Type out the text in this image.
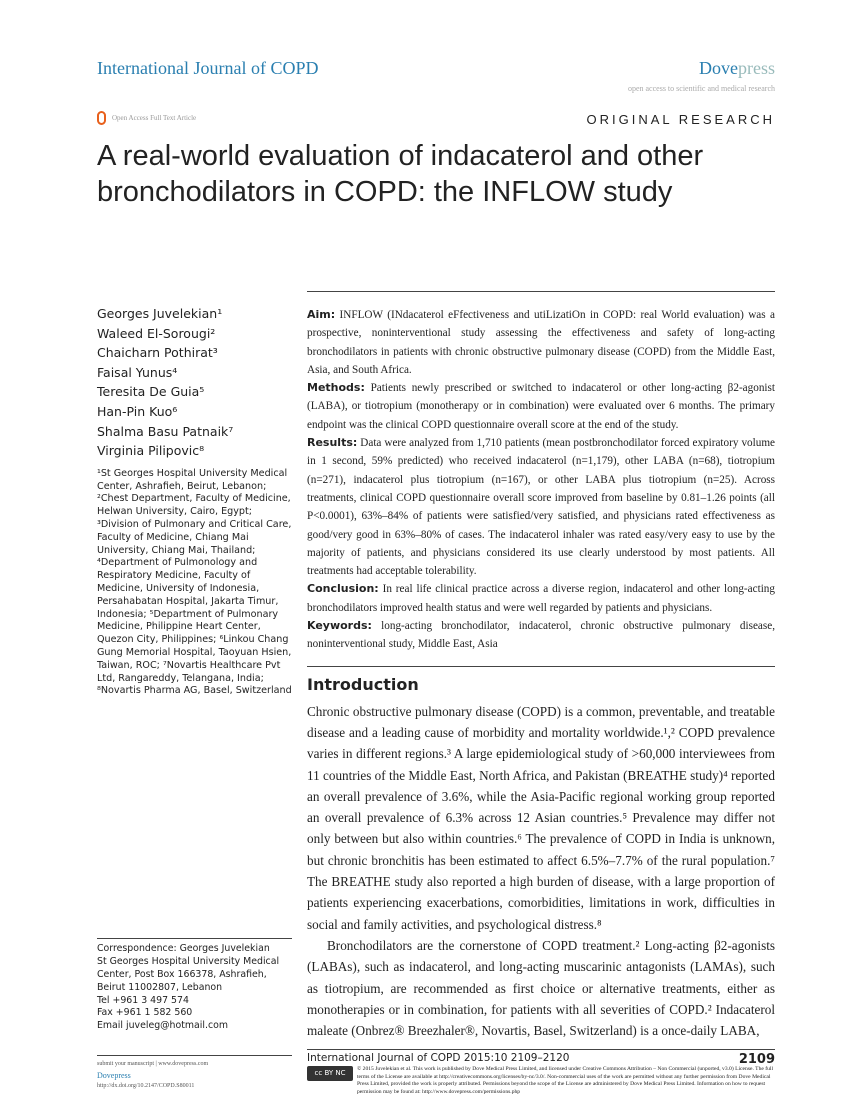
International Journal of COPD	Dovepress
open access to scientific and medical research
Open Access Full Text Article	ORIGINAL RESEARCH
A real-world evaluation of indacaterol and other bronchodilators in COPD: the INFLOW study
Georges Juvelekian¹
Waleed El-Sorougi²
Chaicharn Pothirat³
Faisal Yunus⁴
Teresita De Guia⁵
Han-Pin Kuo⁶
Shalma Basu Patnaik⁷
Virginia Pilipovic⁸
¹St Georges Hospital University Medical Center, Ashrafieh, Beirut, Lebanon; ²Chest Department, Faculty of Medicine, Helwan University, Cairo, Egypt; ³Division of Pulmonary and Critical Care, Faculty of Medicine, Chiang Mai University, Chiang Mai, Thailand; ⁴Department of Pulmonology and Respiratory Medicine, Faculty of Medicine, University of Indonesia, Persahabatan Hospital, Jakarta Timur, Indonesia; ⁵Department of Pulmonary Medicine, Philippine Heart Center, Quezon City, Philippines; ⁶Linkou Chang Gung Memorial Hospital, Taoyuan Hsien, Taiwan, ROC; ⁷Novartis Healthcare Pvt Ltd, Rangareddy, Telangana, India; ⁸Novartis Pharma AG, Basel, Switzerland
Correspondence: Georges Juvelekian
St Georges Hospital University Medical Center, Post Box 166378, Ashrafieh, Beirut 11002807, Lebanon
Tel +961 3 497 574
Fax +961 1 582 560
Email juveleg@hotmail.com
submit your manuscript | www.dovepress.com
Dovepress
http://dx.doi.org/10.2147/COPD.S80011

Aim: INFLOW (INdacaterol eFfectiveness and utiLizatiOn in COPD: real World evaluation) was a prospective, noninterventional study assessing the effectiveness and safety of long-acting bronchodilators in patients with chronic obstructive pulmonary disease (COPD) from the Middle East, Asia, and South Africa.

Methods: Patients newly prescribed or switched to indacaterol or other long-acting β2-agonist (LABA), or tiotropium (monotherapy or in combination) were evaluated over 6 months. The primary endpoint was the clinical COPD questionnaire overall score at the end of the study.

Results: Data were analyzed from 1,710 patients (mean postbronchodilator forced expiratory volume in 1 second, 59% predicted) who received indacaterol (n=1,179), other LABA (n=68), tiotropium (n=271), indacaterol plus tiotropium (n=167), or other LABA plus tiotropium (n=25). Across treatments, clinical COPD questionnaire overall score improved from baseline by 0.81–1.26 points (all P<0.0001), 63%–84% of patients were satisfied/very satisfied, and physicians rated effectiveness as good/very good in 63%–80% of cases. The indacaterol inhaler was rated easy/very easy to use by the majority of patients, and physicians considered its use clearly understood by most patients. All treatments had acceptable tolerability.

Conclusion: In real life clinical practice across a diverse region, indacaterol and other long-acting bronchodilators improved health status and were well regarded by patients and physicians.

Keywords: long-acting bronchodilator, indacaterol, chronic obstructive pulmonary disease, noninterventional study, Middle East, Asia

Introduction

Chronic obstructive pulmonary disease (COPD) is a common, preventable, and treatable disease and a leading cause of morbidity and mortality worldwide.¹,² COPD prevalence varies in different regions.³ A large epidemiological study of >60,000 interviewees from 11 countries of the Middle East, North Africa, and Pakistan (BREATHE study)⁴ reported an overall prevalence of 3.6%, while the Asia-Pacific regional working group reported an overall prevalence of 6.3% across 12 Asian countries.⁵ Prevalence may differ not only between but also within countries.⁶ The prevalence of COPD in India is unknown, but chronic bronchitis has been estimated to affect 6.5%–7.7% of the rural population.⁷ The BREATHE study also reported a high burden of disease, with a large proportion of patients experiencing exacerbations, comorbidities, limitations in work, difficulties in social and family activities, and psychological distress.⁸

Bronchodilators are the cornerstone of COPD treatment.² Long-acting β2-agonists (LABAs), such as indacaterol, and long-acting muscarinic antagonists (LAMAs), such as tiotropium, are recommended as first choice or alternative treatments, either as monotherapies or in combination, for patients with all severities of COPD.² Indacaterol maleate (Onbrez® Breezhaler®, Novartis, Basel, Switzerland) is a once-daily LABA,

International Journal of COPD 2015:10 2109–2120	2109
cc BY NC	© 2015 Juvelekian et al. This work is published by Dove Medical Press Limited, and licensed under Creative Commons Attribution – Non Commercial (unported, v3.0) License. The full terms of the License are available at http://creativecommons.org/licenses/by-nc/3.0/. Non-commercial uses of the work are permitted without any further permission from Dove Medical Press Limited, provided the work is properly attributed. Permissions beyond the scope of the License are administered by Dove Medical Press Limited. Information on how to request permission may be found at: http://www.dovepress.com/permissions.php
